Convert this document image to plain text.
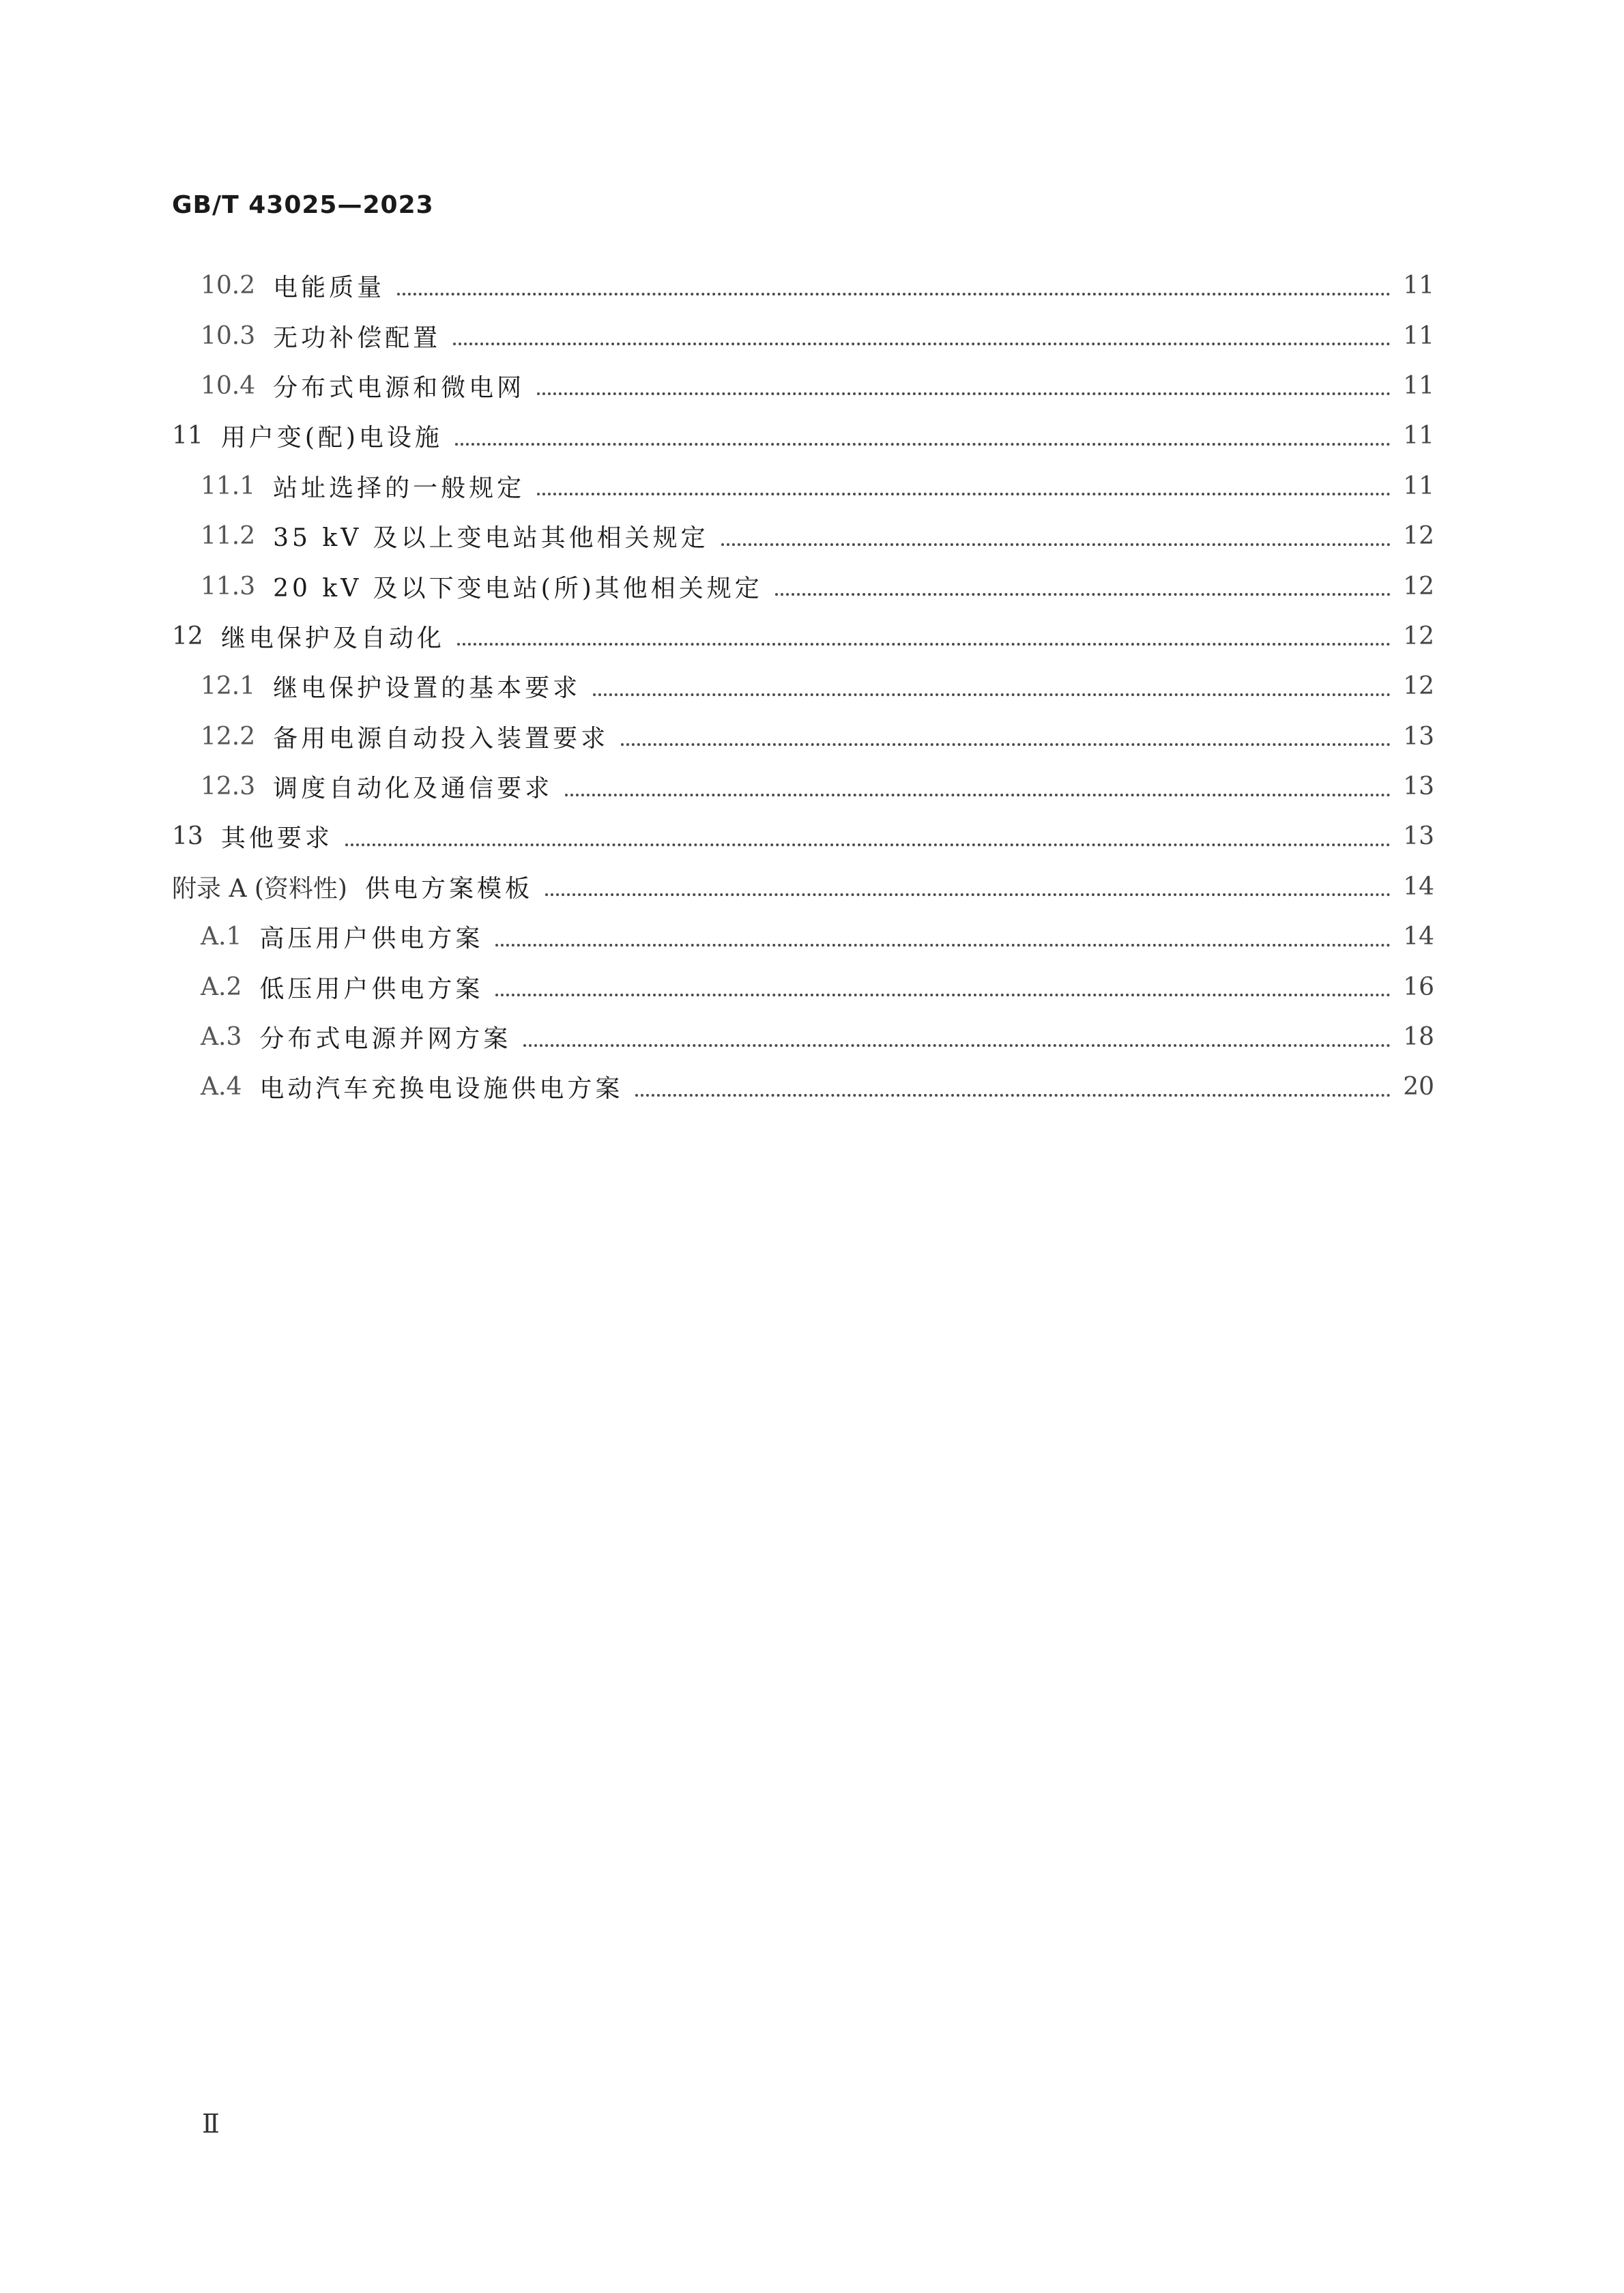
GB/T 43025—2023
10.2 电能质量	11
10.3 无功补偿配置	11
10.4 分布式电源和微电网	11
11 用户变(配)电设施	11
11.1 站址选择的一般规定	11
11.2 35 kV 及以上变电站其他相关规定	12
11.3 20 kV 及以下变电站(所)其他相关规定	12
12 继电保护及自动化	12
12.1 继电保护设置的基本要求	12
12.2 备用电源自动投入装置要求	13
12.3 调度自动化及通信要求	13
13 其他要求	13
附录 A (资料性) 供电方案模板	14
A.1 高压用户供电方案	14
A.2 低压用户供电方案	16
A.3 分布式电源并网方案	18
A.4 电动汽车充换电设施供电方案	20
Ⅱ
